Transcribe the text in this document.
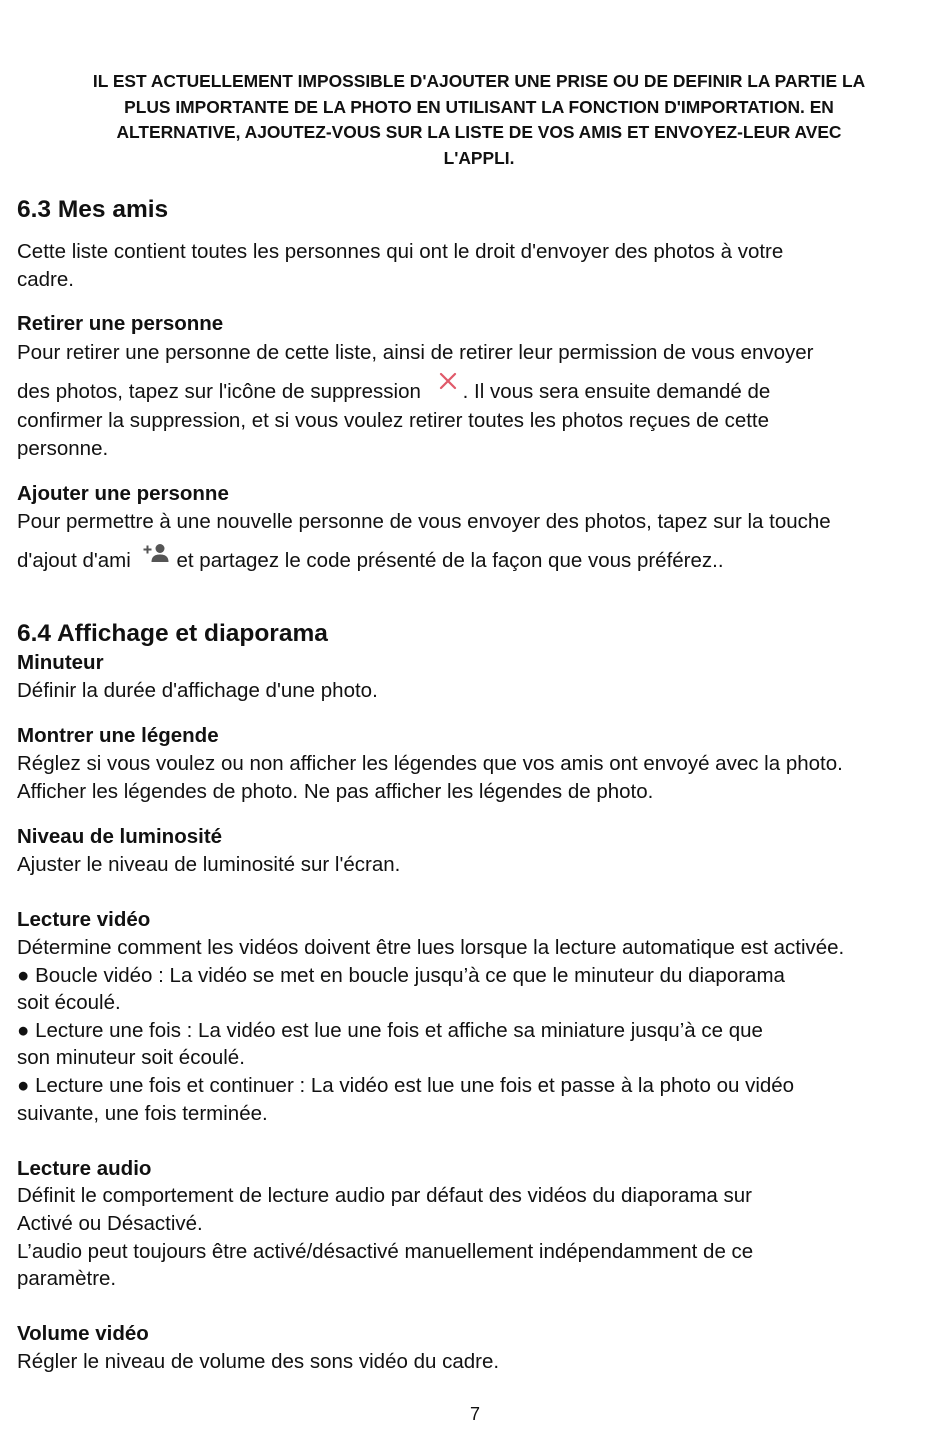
IL EST ACTUELLEMENT IMPOSSIBLE D'AJOUTER UNE PRISE OU DE DEFINIR LA PARTIE LA
PLUS IMPORTANTE DE LA PHOTO EN UTILISANT LA FONCTION D'IMPORTATION. EN
ALTERNATIVE, AJOUTEZ-VOUS SUR LA LISTE DE VOS AMIS ET ENVOYEZ-LEUR AVEC
L'APPLI.

6.3 Mes amis

Cette liste contient toutes les personnes qui ont le droit d'envoyer des photos à votre

cadre.

Retirer une personne

Pour retirer une personne de cette liste, ainsi de retirer leur permission de vous envoyer

des photos, tapez sur l'icône de suppression . Il vous sera ensuite demandé de

confirmer la suppression, et si vous voulez retirer toutes les photos reçues de cette

personne.

Ajouter une personne

Pour permettre à une nouvelle personne de vous envoyer des photos, tapez sur la touche

d'ajout d'ami et partagez le code présenté de la façon que vous préférez..

6.4 Affichage et diaporama
Minuteur

Définir la durée d'affichage d'une photo.

Montrer une légende

Réglez si vous voulez ou non afficher les légendes que vos amis ont envoyé avec la photo.

Afficher les légendes de photo. Ne pas afficher les légendes de photo.

Niveau de luminosité

Ajuster le niveau de luminosité sur l'écran.

Lecture vidéo

Détermine comment les vidéos doivent être lues lorsque la lecture automatique est activée.

● Boucle vidéo : La vidéo se met en boucle jusqu’à ce que le minuteur du diaporama

soit écoulé.

● Lecture une fois : La vidéo est lue une fois et affiche sa miniature jusqu’à ce que

son minuteur soit écoulé.

● Lecture une fois et continuer : La vidéo est lue une fois et passe à la photo ou vidéo

suivante, une fois terminée.

Lecture audio

Définit le comportement de lecture audio par défaut des vidéos du diaporama sur

Activé ou Désactivé.

L’audio peut toujours être activé/désactivé manuellement indépendamment de ce

paramètre.

Volume vidéo

Régler le niveau de volume des sons vidéo du cadre.

7
